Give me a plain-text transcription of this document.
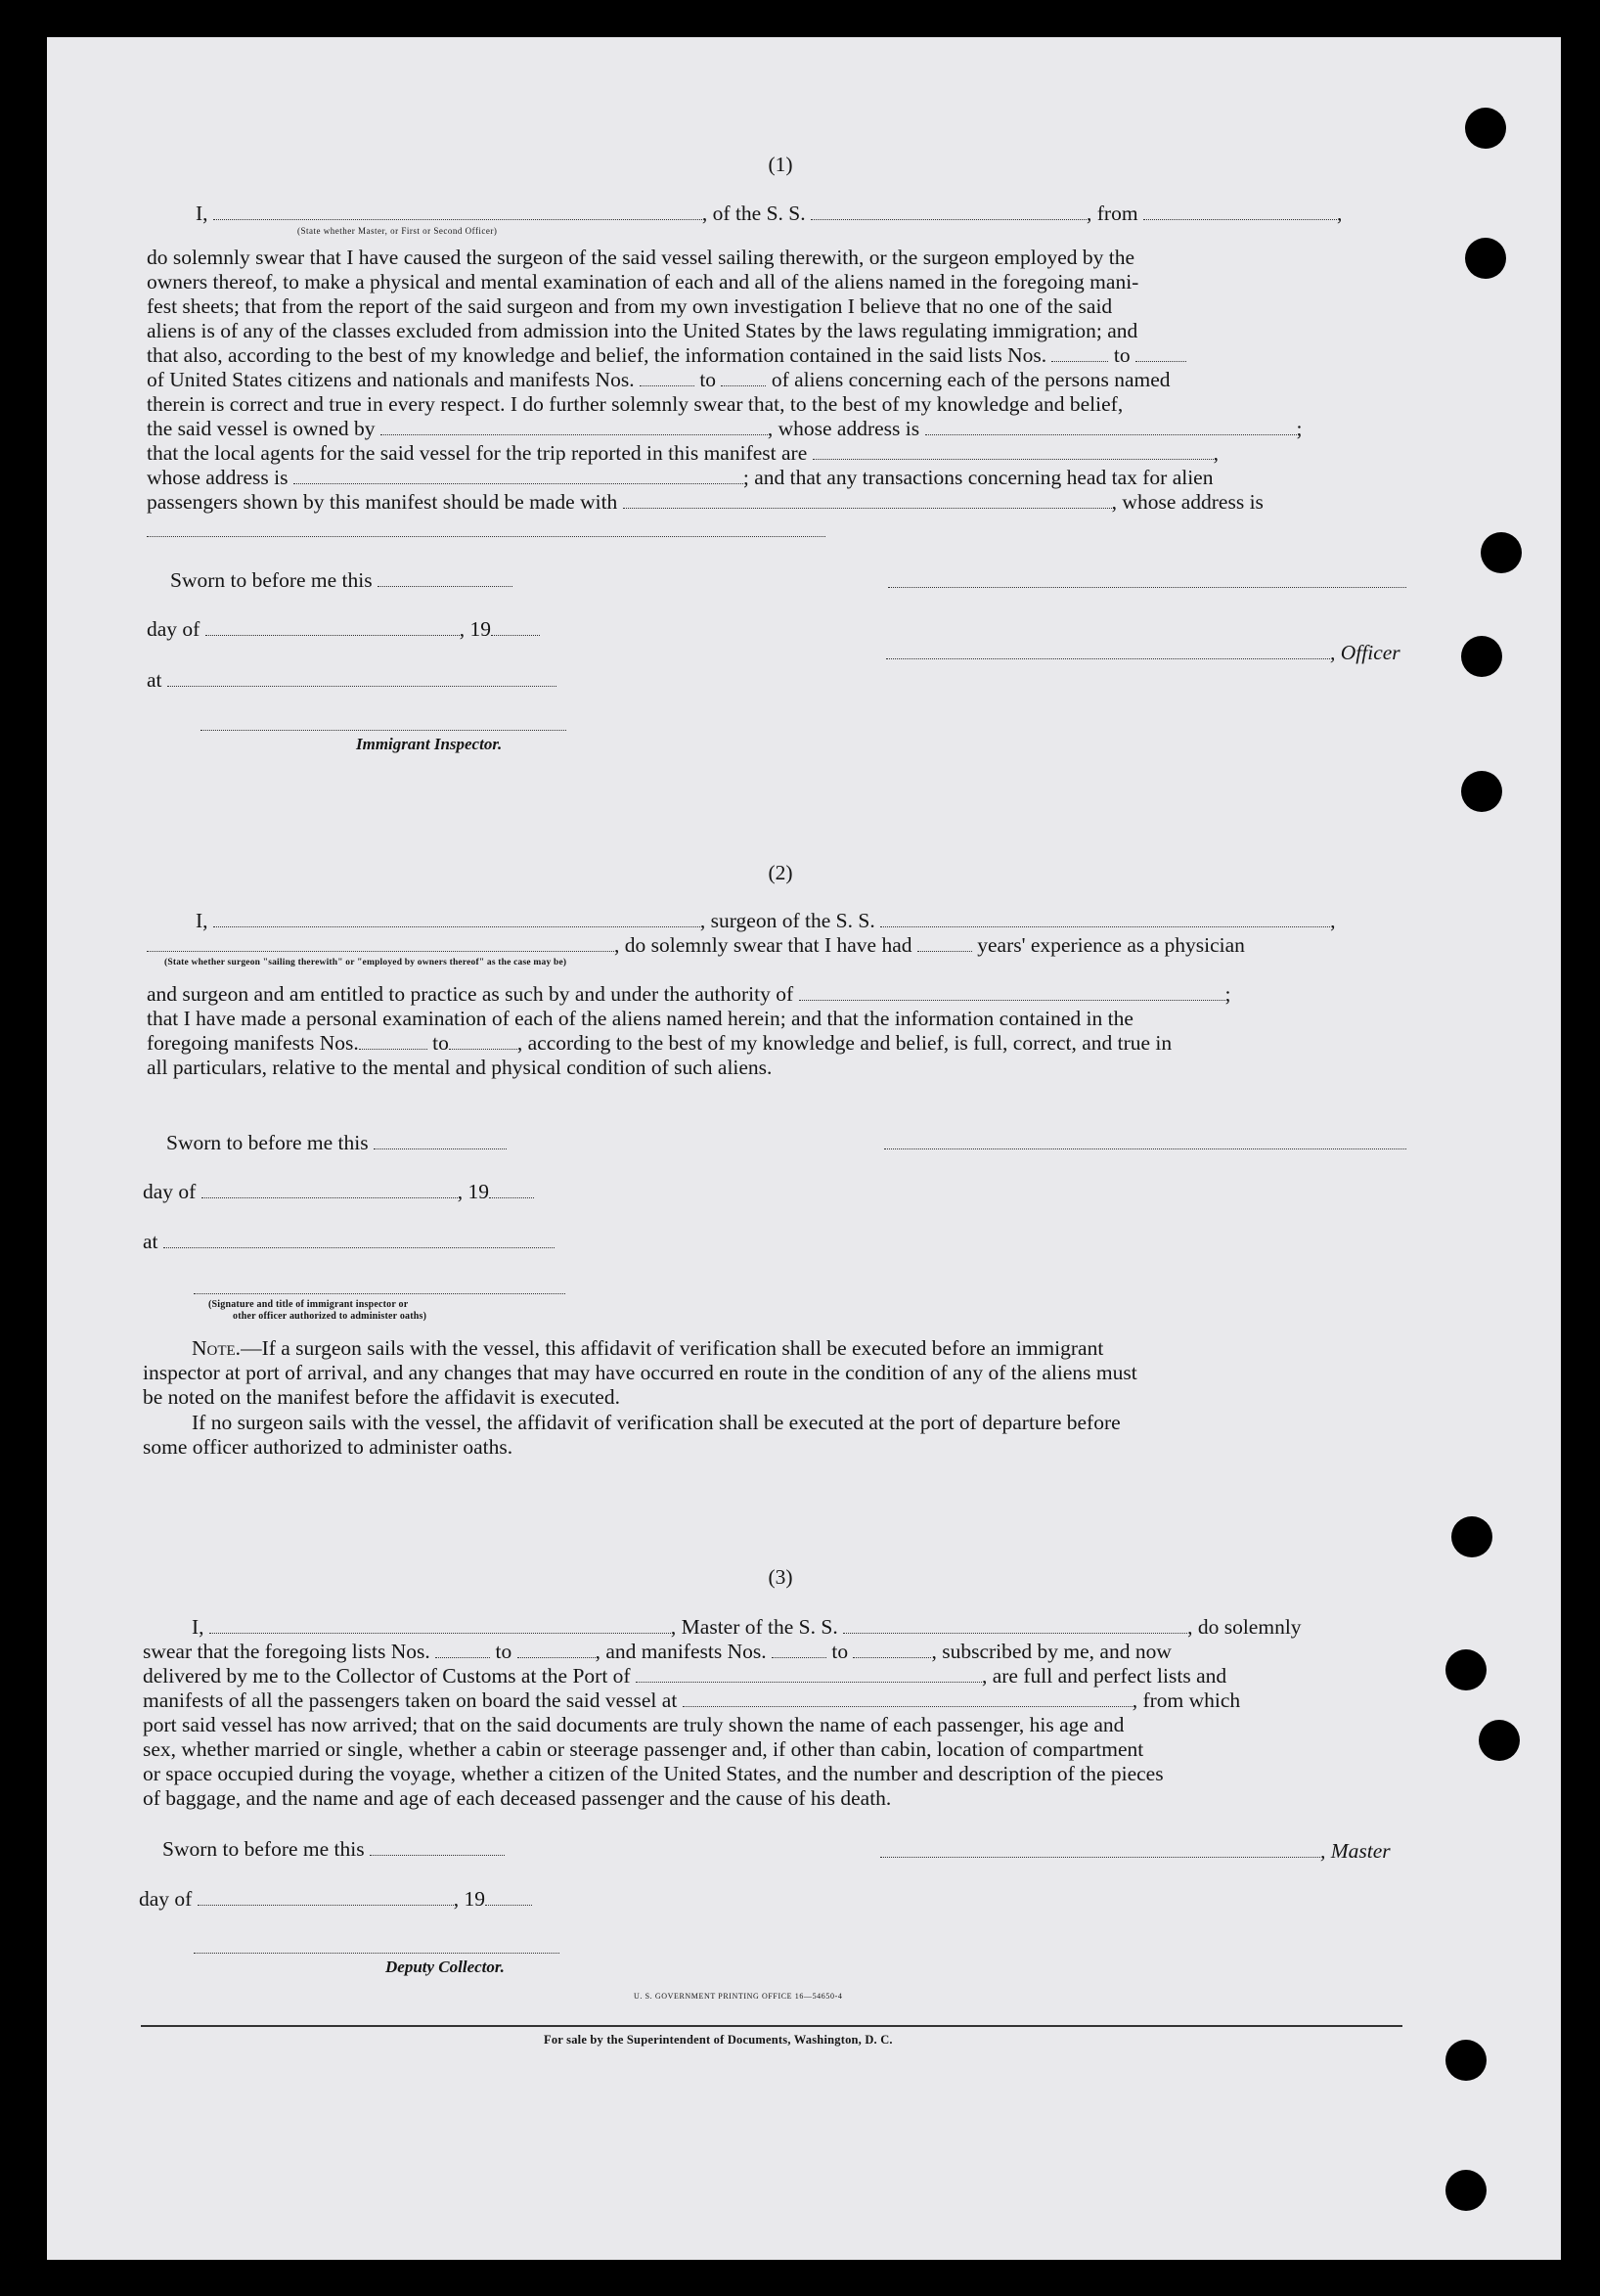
(1)
I,	, of the S. S.	, from	,
(State whether Master, or First or Second Officer)
do solemnly swear that I have caused the surgeon of the said vessel sailing therewith, or the surgeon employed by the
owners thereof, to make a physical and mental examination of each and all of the aliens named in the foregoing mani-
fest sheets; that from the report of the said surgeon and from my own investigation I believe that no one of the said
aliens is of any of the classes excluded from admission into the United States by the laws regulating immigration; and
that also, according to the best of my knowledge and belief, the information contained in the said lists Nos.	to
of United States citizens and nationals and manifests Nos.	to	of aliens concerning each of the persons named
therein is correct and true in every respect. I do further solemnly swear that, to the best of my knowledge and belief,
the said vessel is owned by	, whose address is	;
that the local agents for the said vessel for the trip reported in this manifest are	,
whose address is	; and that any transactions concerning head tax for alien
passengers shown by this manifest should be made with	, whose address is
Sworn to before me this
day of	, 19
, Officer
at
Immigrant Inspector.
(2)
I,	, surgeon of the S. S.	,
, do solemnly swear that I have had	years' experience as a physician
(State whether surgeon "sailing therewith" or "employed by owners thereof" as the case may be)
and surgeon and am entitled to practice as such by and under the authority of	;
that I have made a personal examination of each of the aliens named herein; and that the information contained in the
foregoing manifests Nos.	to	, according to the best of my knowledge and belief, is full, correct, and true in
all particulars, relative to the mental and physical condition of such aliens.
Sworn to before me this
day of	, 19
at
(Signature and title of immigrant inspector or
other officer authorized to administer oaths)
Note.—If a surgeon sails with the vessel, this affidavit of verification shall be executed before an immigrant
inspector at port of arrival, and any changes that may have occurred en route in the condition of any of the aliens must
be noted on the manifest before the affidavit is executed.
If no surgeon sails with the vessel, the affidavit of verification shall be executed at the port of departure before
some officer authorized to administer oaths.
(3)
I,	, Master of the S. S.	, do solemnly
swear that the foregoing lists Nos.	to	, and manifests Nos.	to	, subscribed by me, and now
delivered by me to the Collector of Customs at the Port of	, are full and perfect lists and
manifests of all the passengers taken on board the said vessel at	, from which
port said vessel has now arrived; that on the said documents are truly shown the name of each passenger, his age and
sex, whether married or single, whether a cabin or steerage passenger and, if other than cabin, location of compartment
or space occupied during the voyage, whether a citizen of the United States, and the number and description of the pieces
of baggage, and the name and age of each deceased passenger and the cause of his death.
Sworn to before me this	, Master
day of	, 19
Deputy Collector.
U. S. GOVERNMENT PRINTING OFFICE 16—54650-4
For sale by the Superintendent of Documents, Washington, D. C.
